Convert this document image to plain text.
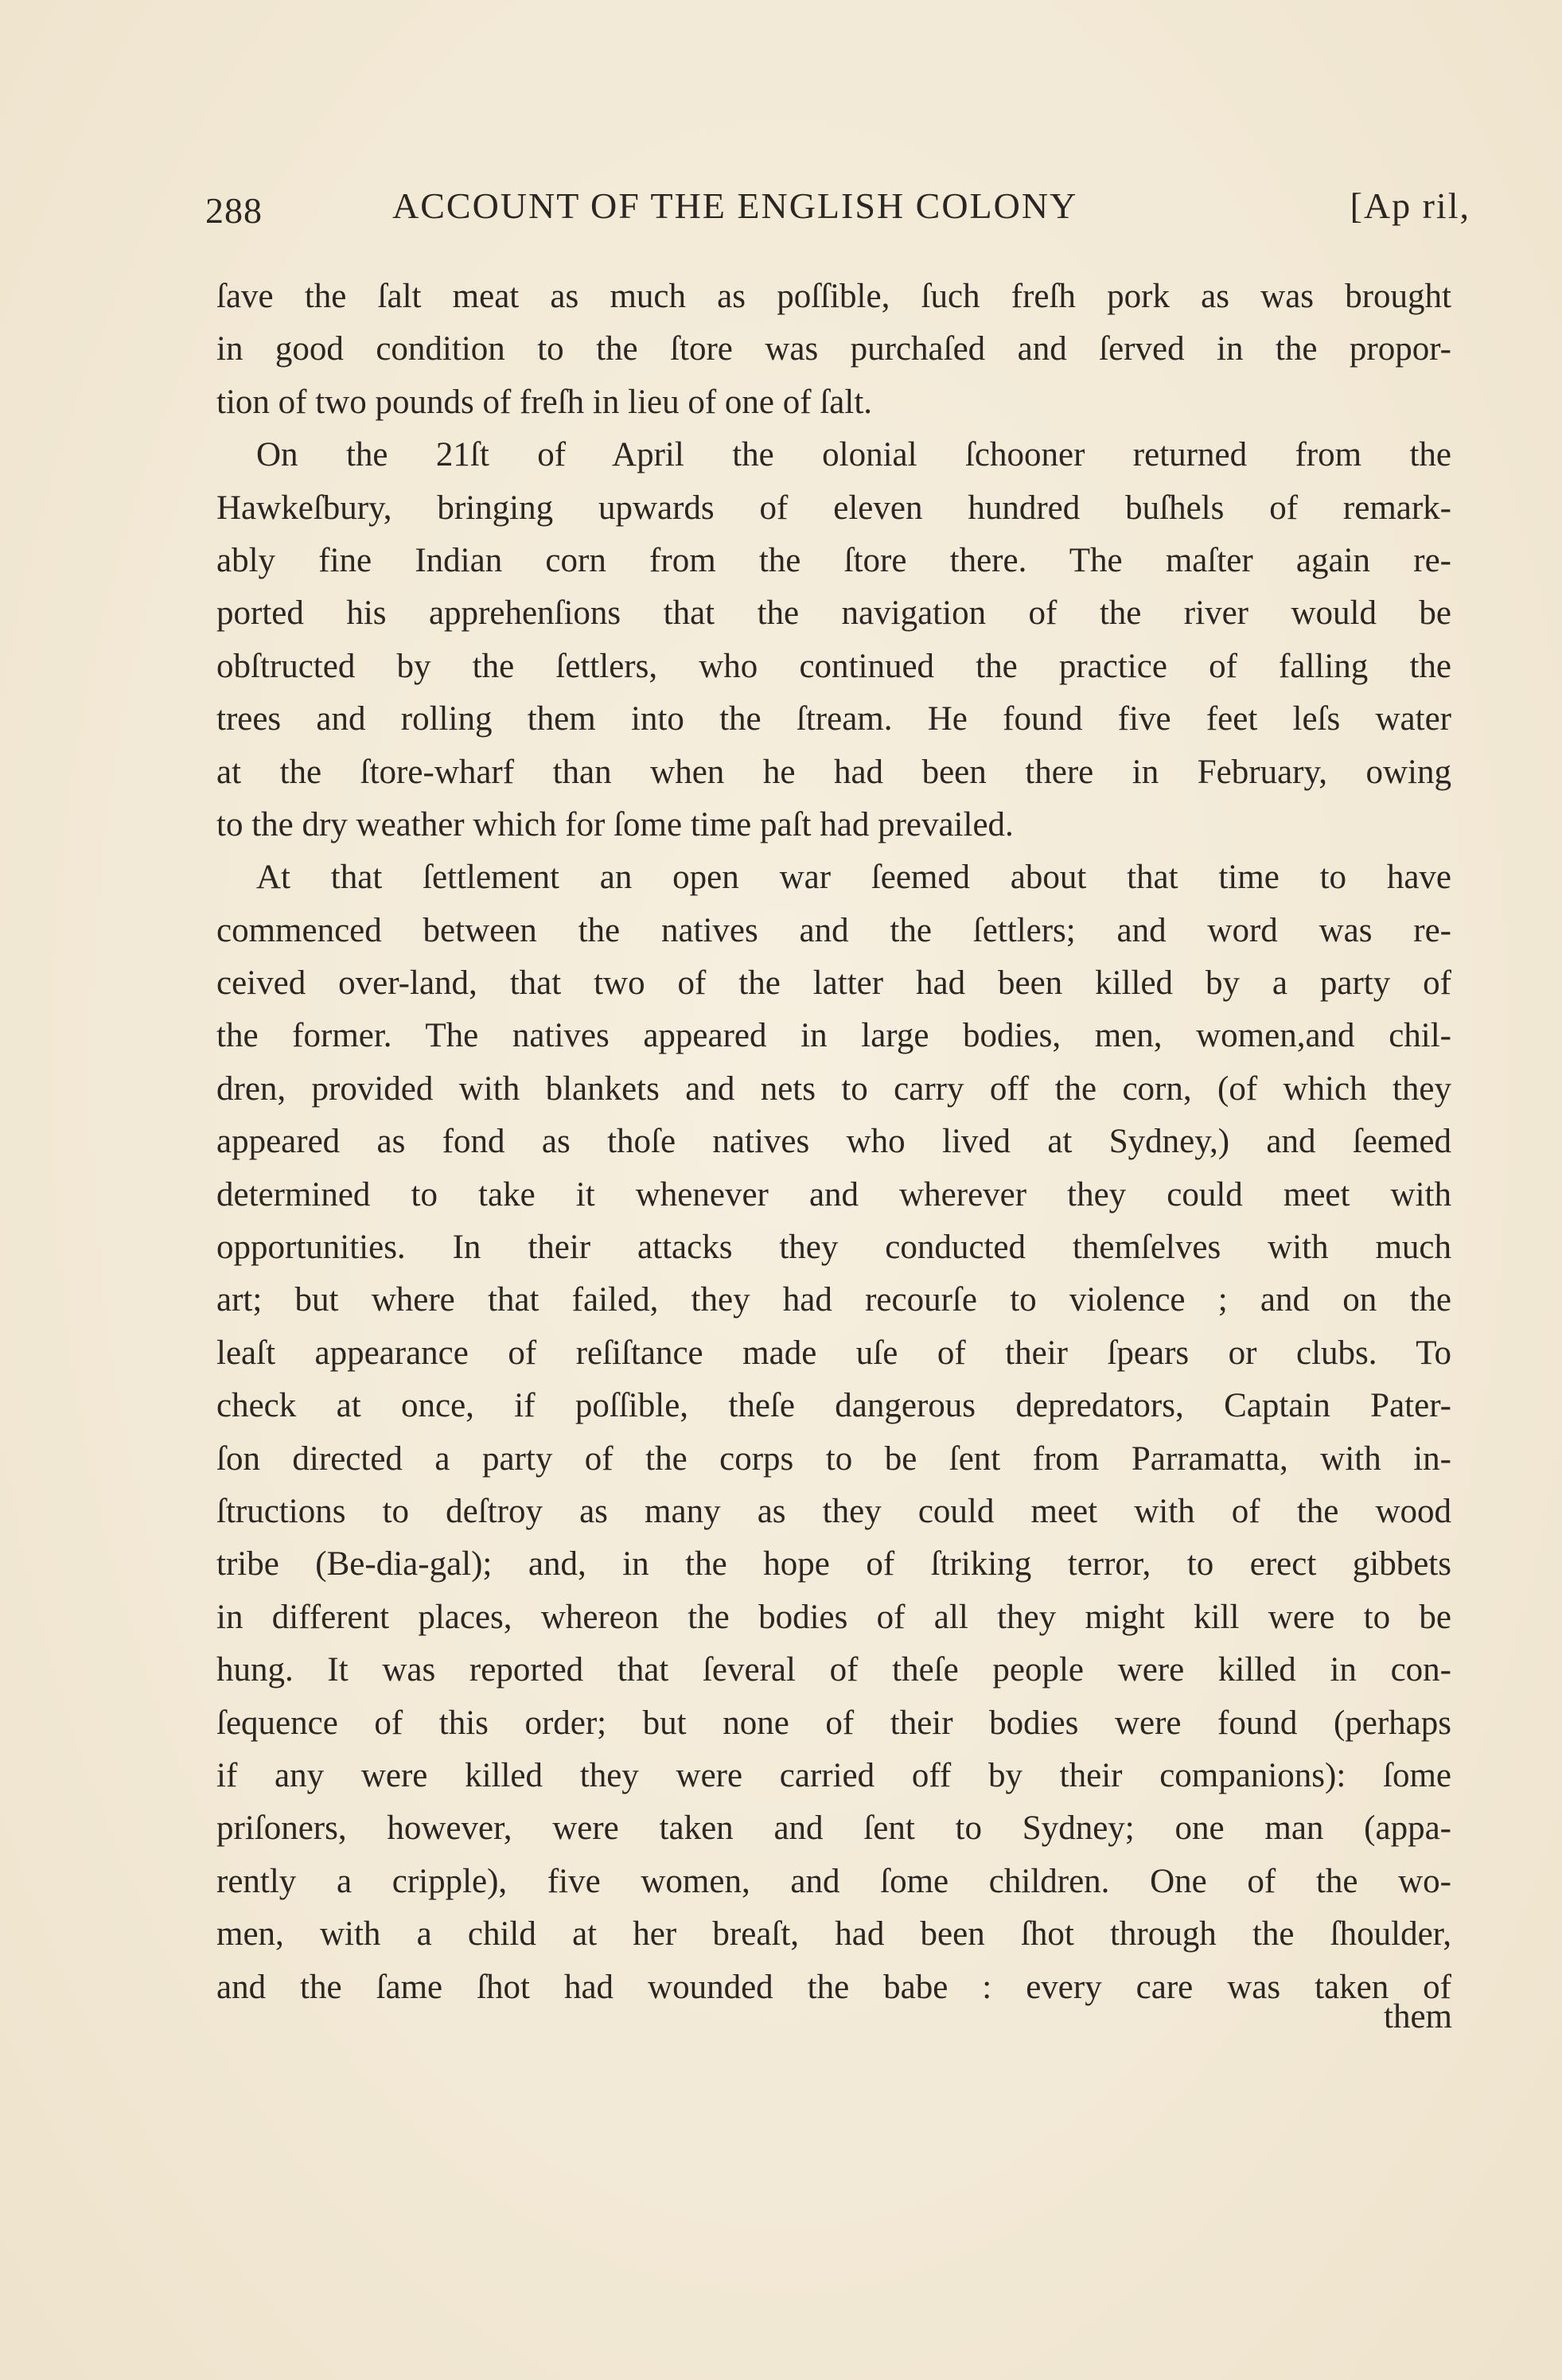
288	ACCOUNT OF THE ENGLISH COLONY	[Ap ril,
ſave the ſalt meat as much as poſſible, ſuch freſh pork as was brought
in good condition to the ſtore was purchaſed and ſerved in the propor-
tion of two pounds of freſh in lieu of one of ſalt.
On the 21ſt of April the olonial ſchooner returned from the
Hawkeſbury, bringing upwards of eleven hundred buſhels of remark-
ably fine Indian corn from the ſtore there. The maſter again re-
ported his apprehenſions that the navigation of the river would be
obſtructed by the ſettlers, who continued the practice of falling the
trees and rolling them into the ſtream. He found five feet leſs water
at the ſtore-wharf than when he had been there in February, owing
to the dry weather which for ſome time paſt had prevailed.
At that ſettlement an open war ſeemed about that time to have
commenced between the natives and the ſettlers; and word was re-
ceived over-land, that two of the latter had been killed by a party of
the former. The natives appeared in large bodies, men, women,and chil-
dren, provided with blankets and nets to carry off the corn, (of which they
appeared as fond as thoſe natives who lived at Sydney,) and ſeemed
determined to take it whenever and wherever they could meet with
opportunities. In their attacks they conducted themſelves with much
art; but where that failed, they had recourſe to violence ; and on the
leaſt appearance of reſiſtance made uſe of their ſpears or clubs. To
check at once, if poſſible, theſe dangerous depredators, Captain Pater-
ſon directed a party of the corps to be ſent from Parramatta, with in-
ſtructions to deſtroy as many as they could meet with of the wood
tribe (Be-dia-gal); and, in the hope of ſtriking terror, to erect gibbets
in different places, whereon the bodies of all they might kill were to be
hung. It was reported that ſeveral of theſe people were killed in con-
ſequence of this order; but none of their bodies were found (perhaps
if any were killed they were carried off by their companions): ſome
priſoners, however, were taken and ſent to Sydney; one man (appa-
rently a cripple), five women, and ſome children. One of the wo-
men, with a child at her breaſt, had been ſhot through the ſhoulder,
and the ſame ſhot had wounded the babe : every care was taken of
them
